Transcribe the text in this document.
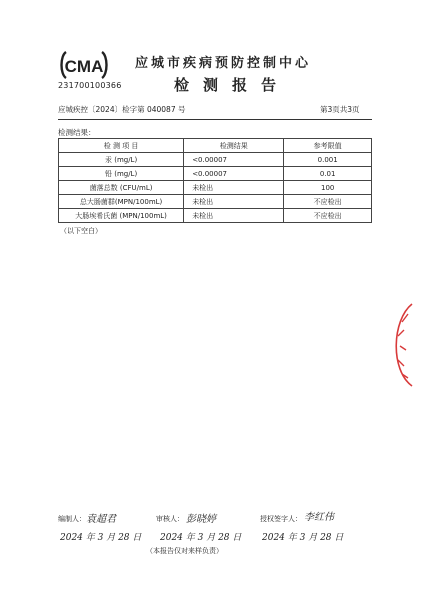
CMA
231700100366
应城市疾病预防控制中心
检测报告
应城疾控〔2024〕检字第 040087 号	第3页共3页
检测结果：
检 测 项 目	检测结果	参考限值
汞 (mg/L)	<0.00007	0.001
铅 (mg/L)	<0.00007	0.01
菌落总数 (CFU/mL)	未检出	100
总大肠菌群(MPN/100mL)	未检出	不应检出
大肠埃希氏菌 (MPN/100mL)	未检出	不应检出
（以下空白）
编制人： 袁超君
2024 年 3 月 28 日
审核人： 彭晓婷
2024 年 3 月 28 日
授权签字人： 李红伟
2024 年 3 月 28 日
（本报告仅对来样负责）
